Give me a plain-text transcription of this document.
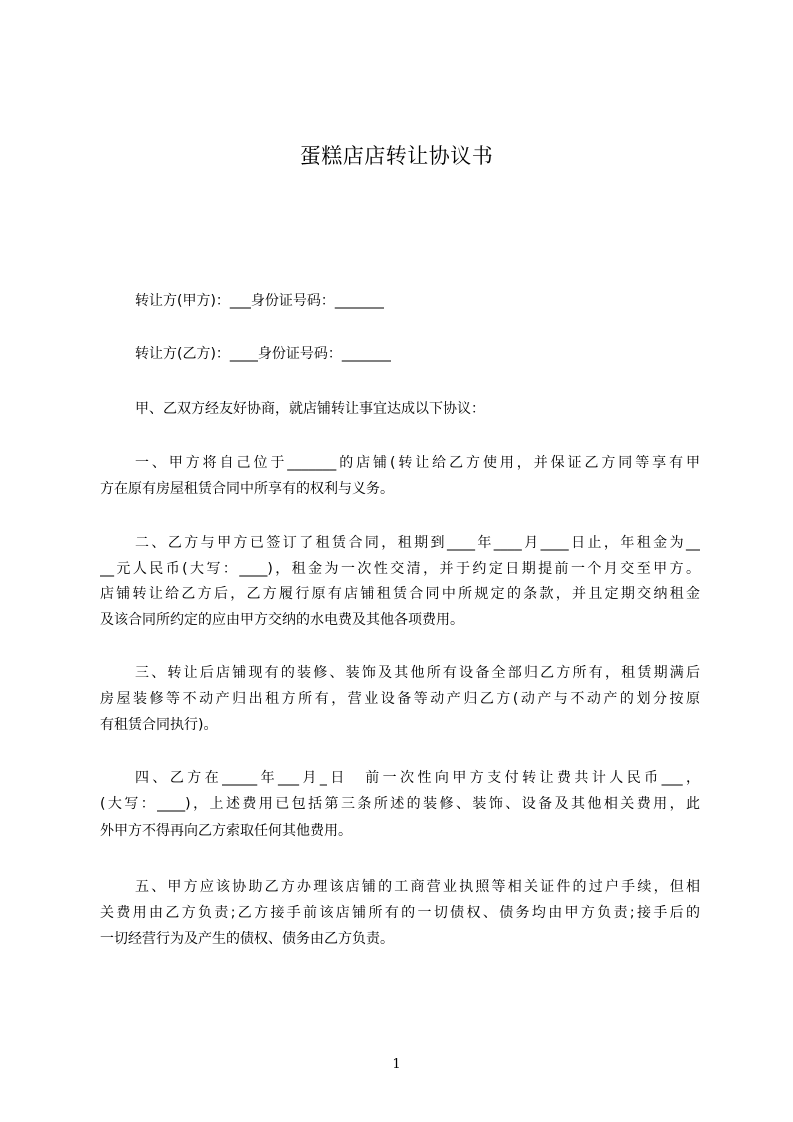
蛋糕店店转让协议书
转让方(甲方)：___身份证号码：_______
转让方(乙方)：____身份证号码：_______
甲、乙双方经友好协商，就店铺转让事宜达成以下协议：
一、甲方将自己位于_______的店铺(转让给乙方使用，并保证乙方同等享有甲
方在原有房屋租赁合同中所享有的权利与义务。
二、乙方与甲方已签订了租赁合同，租期到____年____月____日止，年租金为__
__元人民币(大写：____)，租金为一次性交清，并于约定日期提前一个月交至甲方。
店铺转让给乙方后，乙方履行原有店铺租赁合同中所规定的条款，并且定期交纳租金
及该合同所约定的应由甲方交纳的水电费及其他各项费用。
三、转让后店铺现有的装修、装饰及其他所有设备全部归乙方所有，租赁期满后
房屋装修等不动产归出租方所有，营业设备等动产归乙方(动产与不动产的划分按原
有租赁合同执行)。
四、乙方在_____年___月_日　前一次性向甲方支付转让费共计人民币___，
(大写：____)，上述费用已包括第三条所述的装修、装饰、设备及其他相关费用，此
外甲方不得再向乙方索取任何其他费用。
五、甲方应该协助乙方办理该店铺的工商营业执照等相关证件的过户手续，但相
关费用由乙方负责;乙方接手前该店铺所有的一切债权、债务均由甲方负责;接手后的
一切经营行为及产生的债权、债务由乙方负责。
1
